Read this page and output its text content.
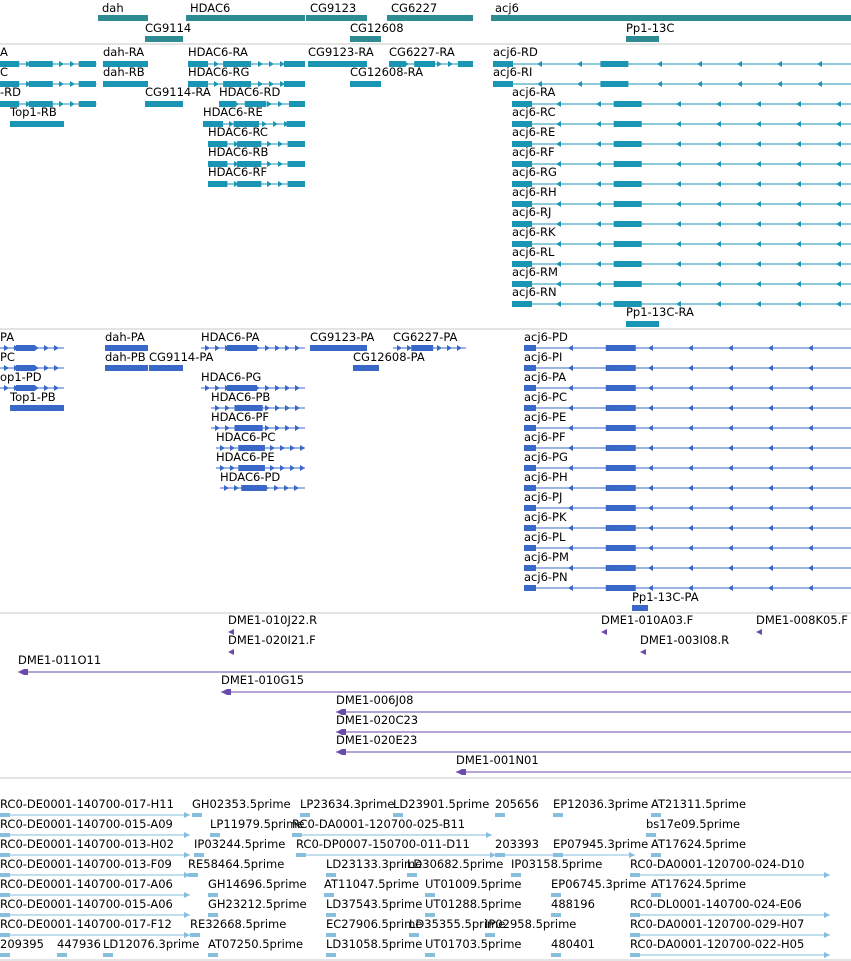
dah	HDAC6	CG9123	CG6227	acj6
CG9114	CG12608	Pp1-13C
A
C
-RD
Top1-RB
dah-RA
dah-RB
CG9114-RA
HDAC6-RA
HDAC6-RG
HDAC6-RD
HDAC6-RE
HDAC6-RC
HDAC6-RB
HDAC6-RF
CG9123-RA
CG12608-RA
CG6227-RA	acj6-RD
acj6-RI
acj6-RA
acj6-RC
acj6-RE
acj6-RF
acj6-RG
acj6-RH
acj6-RJ
acj6-RK
acj6-RL
acj6-RM
acj6-RN
Pp1-13C-RA
PA
PC
op1-PD
Top1-PB
dah-PA
dah-PB CG9114-PA
HDAC6-PA
HDAC6-PG
HDAC6-PB
HDAC6-PF
HDAC6-PC
HDAC6-PE
HDAC6-PD
CG9123-PA
CG12608-PA
CG6227-PA	acj6-PD
acj6-PI
acj6-PA
acj6-PC
acj6-PE
acj6-PF
acj6-PG
acj6-PH
acj6-PJ
acj6-PK
acj6-PL
acj6-PM
acj6-PN
Pp1-13C-PA
DME1-010J22.R	DME1-010A03.F	DME1-008K05.F
DME1-020I21.F	DME1-003I08.R
DME1-011O11
DME1-010G15
DME1-006J08
DME1-020C23
DME1-020E23
DME1-001N01
RC0-DE0001-140700-017-H11 GH02353.5prime LP23634.3prime
LD23901.5prime 205656 EP12036.3prime AT21311.5prime
RC0-DE0001-140700-015-A09	LP11979.5prime
RC0-DA0001-120700-025-B11	bs17e09.5prime
RC0-DE0001-140700-013-H02 IP03244.5prime RC0-DP0007-150700-011-D11 203393 EP07945.3prime AT17624.5prime
RC0-DE0001-140700-013-F09 RE58464.5prime	LD23133.3prime
LD30682.5prime IP03158.5prime RC0-DA0001-120700-024-D10
RC0-DE0001-140700-017-A06	GH14696.5prime AT11047.5prime UT01009.5prime	EP06745.3prime AT17624.5prime
RC0-DE0001-140700-015-A06	GH23212.5prime LD37543.5prime UT01288.5prime	488196	RC0-DL0001-140700-024-E06
RC0-DE0001-140700-017-F12 RE32668.5prime	EC27906.5prime
LD35355.5prime
IP02958.5prime	RC0-DA0001-120700-029-H07
209395 447936 LD12076.3prime AT07250.5prime LD31058.5prime UT01703.5prime	480401	RC0-DA0001-120700-022-H05
